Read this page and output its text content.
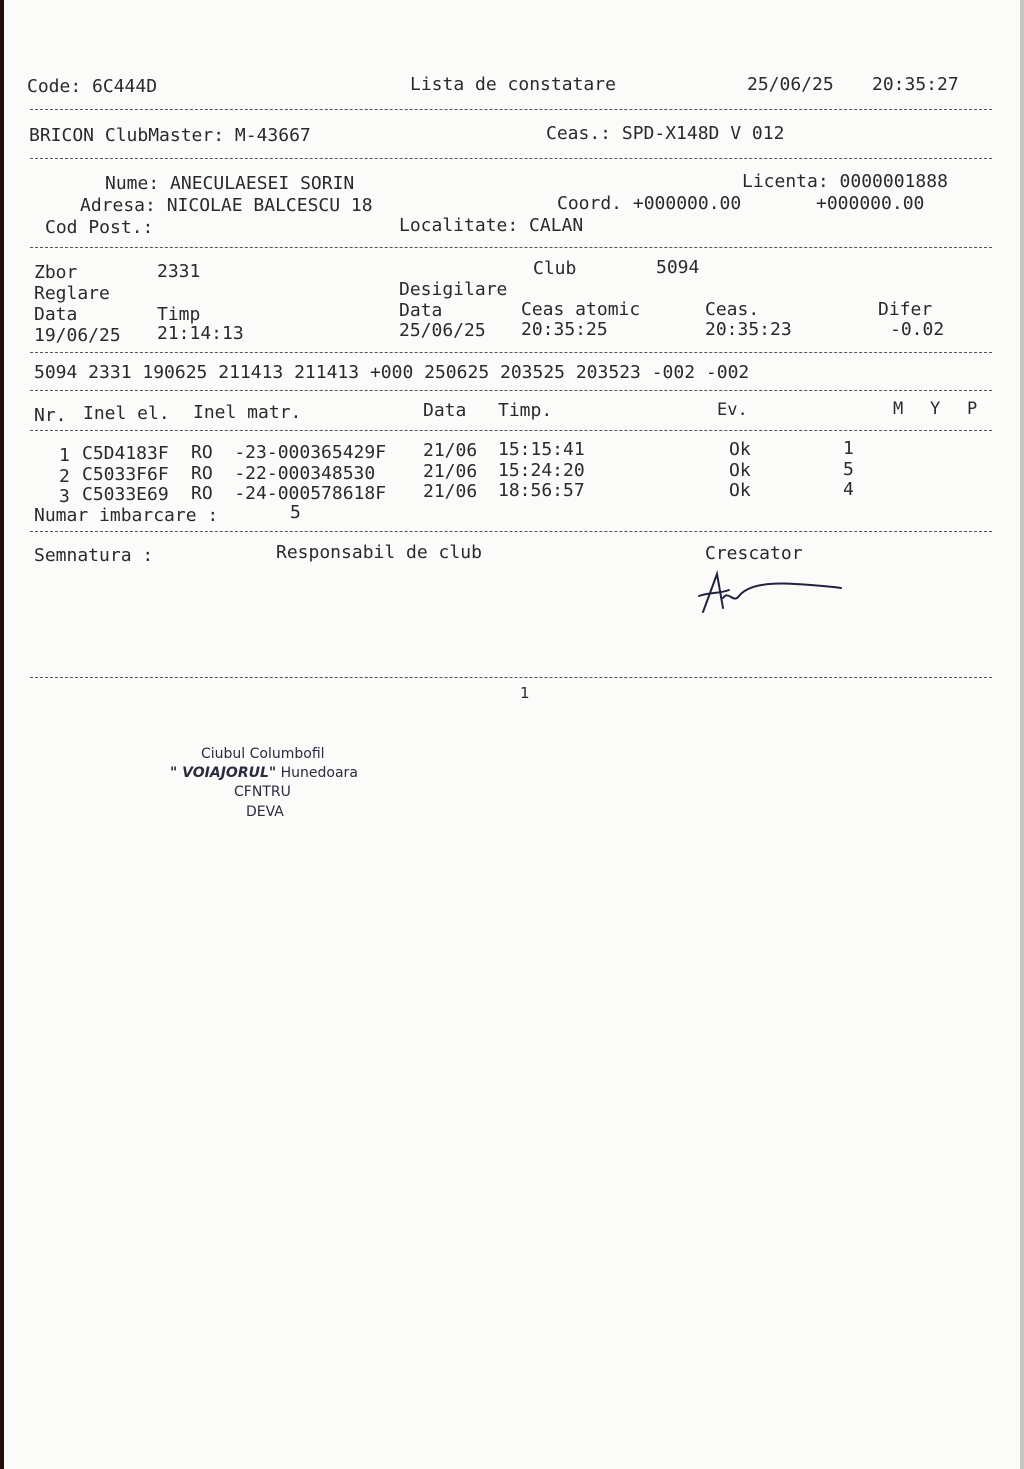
Code: 6C444D	Lista de constatare	25/06/25 20:35:27
BRICON ClubMaster: M-43667	Ceas.: SPD-X148D V 012
Nume: ANECULAESEI SORIN	Licenta: 0000001888
Adresa: NICOLAE BALCESCU 18	Coord. +000000.00	+000000.00
Cod Post.:	Localitate: CALAN
Zbor	2331	Club	5094
Reglare	Desigilare
Data	Timp	Data	Ceas atomic	Ceas.	Difer
19/06/25 21:14:13	25/06/25 20:35:25	20:35:23	-0.02
5094 2331 190625 211413 211413 +000 250625 203525 203523 -002 -002
Nr. Inel el. Inel matr.	Data Timp.	Ev.	M Y P
1 C5D4183F RO  -23-000365429F 21/06 15:15:41	Ok	1
2 C5033F6F RO  -22-000348530	21/06 15:24:20	Ok	5
3 C5033E69 RO  -24-000578618F 21/06 18:56:57	Ok	4
Numar imbarcare :	5
Semnatura :	Responsabil de club	Crescator
1
Ciubul Columbofil
" VOIAJORUL" Hunedoara
CFNTRU
DEVA
